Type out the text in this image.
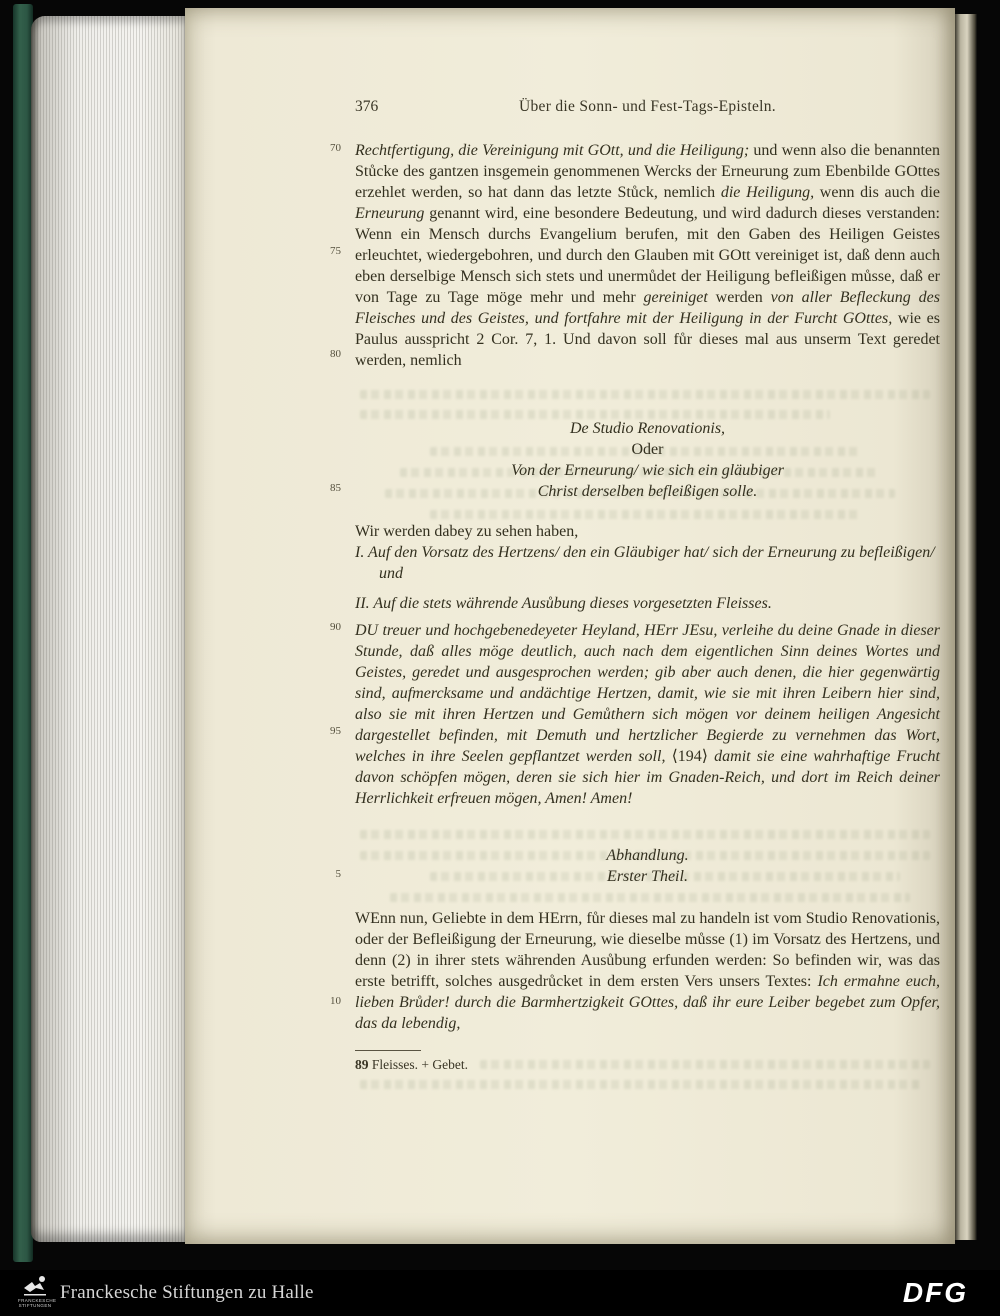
376	Über die Sonn- und Fest-Tags-Episteln.
70
75
80
85
90
95
5
10
Rechtfertigung, die Vereinigung mit GOtt, und die Heiligung; und wenn also die benannten Stůcke des gantzen insgemein genommenen Wercks der Erneurung zum Ebenbilde GOttes erzehlet werden, so hat dann das letzte Stůck, nemlich die Heiligung, wenn dis auch die Erneurung genannt wird, eine besondere Bedeutung, und wird dadurch dieses verstanden: Wenn ein Mensch durchs Evangelium berufen, mit den Gaben des Heiligen Geistes erleuchtet, wiedergebohren, und durch den Glauben mit GOtt vereiniget ist, daß denn auch eben derselbige Mensch sich stets und unermůdet der Heiligung befleißigen můsse, daß er von Tage zu Tage möge mehr und mehr gereiniget werden von aller Befleckung des Fleisches und des Geistes, und fortfahre mit der Heiligung in der Furcht GOttes, wie es Paulus ausspricht 2 Cor. 7, 1. Und davon soll fůr dieses mal aus unserm Text geredet werden, nemlich
De Studio Renovationis,
Oder
Von der Erneurung/ wie sich ein gläubiger
Christ derselben befleißigen solle.
Wir werden dabey zu sehen haben,
I. Auf den Vorsatz des Hertzens/ den ein Gläubiger hat/ sich der Erneurung zu befleißigen/ und
II. Auf die stets währende Ausůbung dieses vorgesetzten Fleisses.
DU treuer und hochgebenedeyeter Heyland, HErr JEsu, verleihe du deine Gnade in dieser Stunde, daß alles möge deutlich, auch nach dem eigentlichen Sinn deines Wortes und Geistes, geredet und ausgesprochen werden; gib aber auch denen, die hier gegenwärtig sind, aufmercksame und andächtige Hertzen, damit, wie sie mit ihren Leibern hier sind, also sie mit ihren Hertzen und Gemůthern sich mögen vor deinem heiligen Angesicht dargestellet befinden, mit Demuth und hertzlicher Begierde zu vernehmen das Wort, welches in ihre Seelen gepflantzet werden soll, ⟨194⟩ damit sie eine wahrhaftige Frucht davon schöpfen mögen, deren sie sich hier im Gnaden-Reich, und dort im Reich deiner Herrlichkeit erfreuen mögen, Amen! Amen!
Abhandlung.
Erster Theil.
WEnn nun, Geliebte in dem HErrn, fůr dieses mal zu handeln ist vom Studio Renovationis, oder der Befleißigung der Erneurung, wie dieselbe můsse (1) im Vorsatz des Hertzens, und denn (2) in ihrer stets währenden Ausůbung erfunden werden: So befinden wir, was das erste betrifft, solches ausgedrůcket in dem ersten Vers unsers Textes: Ich ermahne euch, lieben Brůder! durch die Barmhertzigkeit GOttes, daß ihr eure Leiber begebet zum Opfer, das da lebendig,
89 Fleisses. + Gebet.
FRANCKESCHE
STIFTUNGEN
Franckesche Stiftungen zu Halle	DFG
